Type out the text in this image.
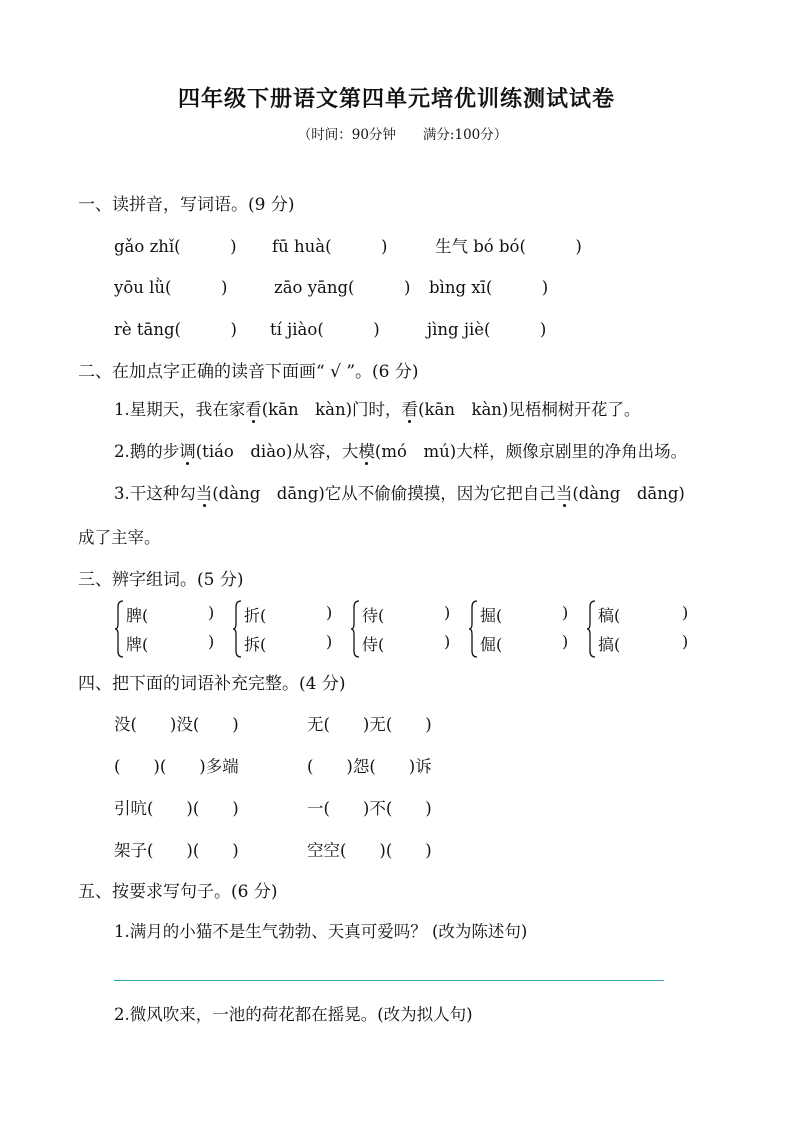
四年级下册语文第四单元培优训练测试试卷
（时间：90分钟　　满分:100分）
一、读拼音，写词语。(9 分)
gǎo zhǐ(　　　) fū huà(　　　)	生气 bó bó(　　　)
yōu lǜ(　　　)	zāo yāng(　　　) bìng xī(　　　)
rè tāng(　　　) tí jiào(　　　)	jìng jiè(　　　)
二、在加点字正确的读音下面画“ √ ”。(6 分)
1.星期天，我在家看(kān　kàn)门时，看(kān　kàn)见梧桐树开花了。
2.鹅的步调(tiáo　diào)从容，大模(mó　mú)大样，颇像京剧里的净角出场。
3.干这种勾当(dàng　dāng)它从不偷偷摸摸，因为它把自己当(dàng　dāng)
成了主宰。
三、辨字组词。(5 分)
脾(	)
牌(	)
折(	)
拆(	)
待(	)
侍(	)
掘(	)
倔(	)
稿(	)
搞(	)
四、把下面的词语补充完整。(4 分)
没(　　)没(　　)	无(　　)无(　　)
(　　)(　　)多端	(　　)怨(　　)诉
引吭(　　)(　　)	一(　　)不(　　)
架子(　　)(　　)	空空(　　)(　　)
五、按要求写句子。(6 分)
1.满月的小猫不是生气勃勃、天真可爱吗？ (改为陈述句)
2.微风吹来，一池的荷花都在摇晃。(改为拟人句)
